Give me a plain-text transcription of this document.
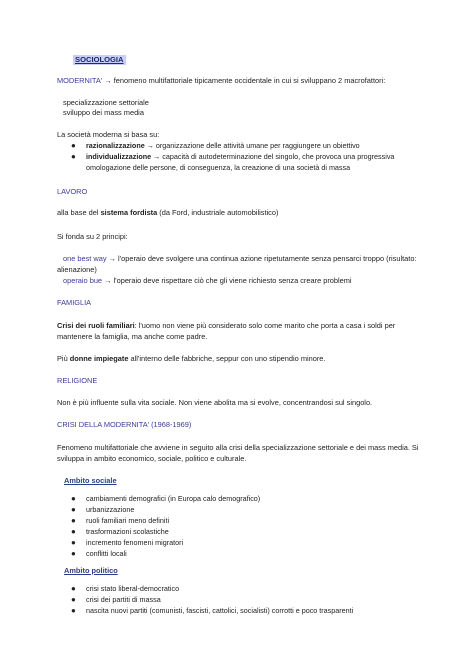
SOCIOLOGIA
MODERNITA' → fenomeno multifattoriale tipicamente occidentale in cui si sviluppano 2 macrofattori:
specializzazione settoriale
sviluppo dei mass media
La società moderna si basa su:
● razionalizzazione → organizzazione delle attività umane per raggiungere un obiettivo
● individualizzazione → capacità di autodeterminazione del singolo, che provoca una progressiva
omologazione delle persone, di conseguenza, la creazione di una società di massa
LAVORO
alla base del sistema fordista (da Ford, industriale automobilistico)
Si fonda su 2 principi:
one best way → l'operaio deve svolgere una continua azione ripetutamente senza pensarci troppo (risultato:
alienazione)
operaio bue → l'operaio deve rispettare ciò che gli viene richiesto senza creare problemi
FAMIGLIA
Crisi dei ruoli familiari: l'uomo non viene più considerato solo come marito che porta a casa i soldi per
mantenere la famiglia, ma anche come padre.
Più donne impiegate all'interno delle fabbriche, seppur con uno stipendio minore.
RELIGIONE
Non è più influente sulla vita sociale. Non viene abolita ma si evolve, concentrandosi sul singolo.
CRISI DELLA MODERNITA' (1968-1969)
Fenomeno multifattoriale che avviene in seguito alla crisi della specializzazione settoriale e dei mass media. Si
sviluppa in ambito economico, sociale, politico e culturale.
Ambito sociale
● cambiamenti demografici (in Europa calo demografico)
● urbanizzazione
● ruoli familiari meno definiti
● trasformazioni scolastiche
● incremento fenomeni migratori
● conflitti locali
Ambito politico
● crisi stato liberal-democratico
● crisi dei partiti di massa
● nascita nuovi partiti (comunisti, fascisti, cattolici, socialisti) corrotti e poco trasparenti
